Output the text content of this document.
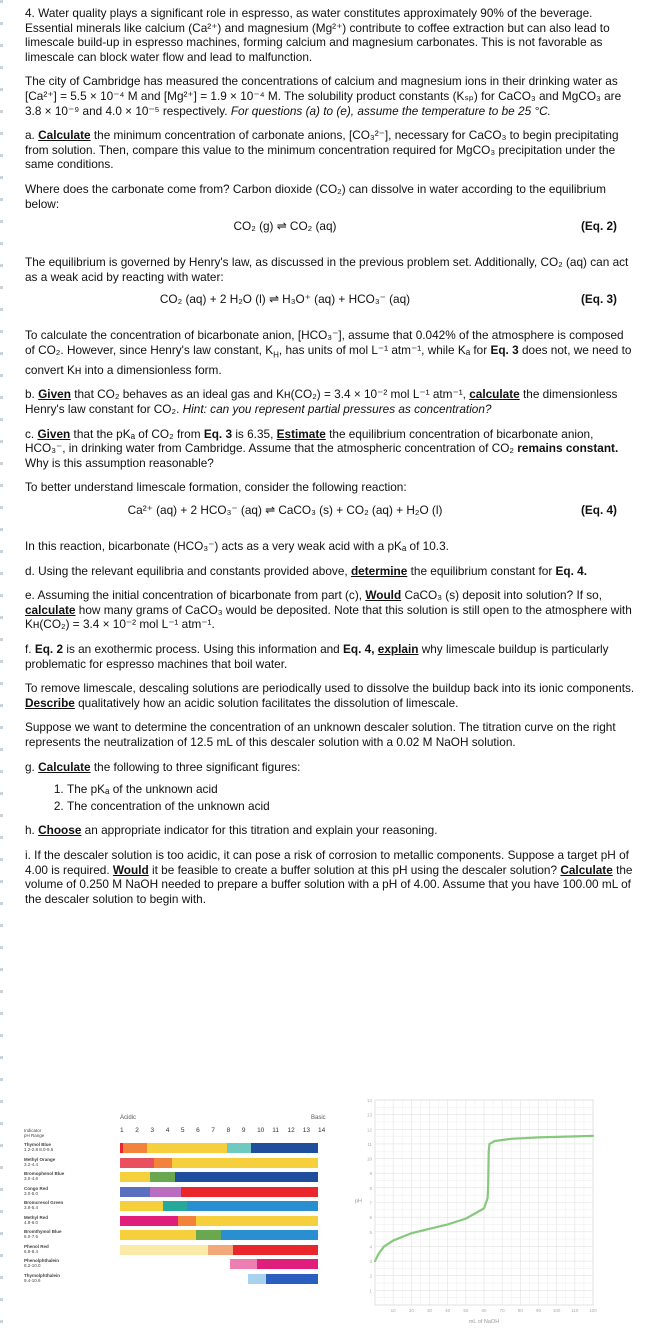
4. Water quality plays a significant role in espresso, as water constitutes approximately 90% of the beverage. Essential minerals like calcium (Ca²⁺) and magnesium (Mg²⁺) contribute to coffee extraction but can also lead to limescale build-up in espresso machines, forming calcium and magnesium carbonates. This is not favorable as limescale can block water flow and lead to malfunction.

The city of Cambridge has measured the concentrations of calcium and magnesium ions in their drinking water as [Ca²⁺] = 5.5 × 10⁻⁴ M and [Mg²⁺] = 1.9 × 10⁻⁴ M. The solubility product constants (Kₛₚ) for CaCO₃ and MgCO₃ are 3.8 × 10⁻⁹ and 4.0 × 10⁻⁵ respectively. For questions (a) to (e), assume the temperature to be 25 °C.

a. Calculate the minimum concentration of carbonate anions, [CO₃²⁻], necessary for CaCO₃ to begin precipitating from solution. Then, compare this value to the minimum concentration required for MgCO₃ precipitation under the same conditions.

Where does the carbonate come from? Carbon dioxide (CO₂) can dissolve in water according to the equilibrium below:

CO₂ (g) ⇌ CO₂ (aq)	(Eq. 2)

The equilibrium is governed by Henry's law, as discussed in the previous problem set. Additionally, CO₂ (aq) can act as a weak acid by reacting with water:

CO₂ (aq) + 2 H₂O (l) ⇌ H₃O⁺ (aq) + HCO₃⁻ (aq)	(Eq. 3)

To calculate the concentration of bicarbonate anion, [HCO₃⁻], assume that 0.042% of the atmosphere is composed of CO₂. However, since Henry's law constant, $K_H$, has units of mol L⁻¹ atm⁻¹, while Kₐ for Eq. 3 does not, we need to convert Kʜ into a dimensionless form.

b. Given that CO₂ behaves as an ideal gas and Kʜ(CO₂) = 3.4 × 10⁻² mol L⁻¹ atm⁻¹, calculate the dimensionless Henry's law constant for CO₂. Hint: can you represent partial pressures as concentration?

c. Given that the pKₐ of CO₂ from Eq. 3 is 6.35, Estimate the equilibrium concentration of bicarbonate anion, HCO₃⁻, in drinking water from Cambridge. Assume that the atmospheric concentration of CO₂ remains constant. Why is this assumption reasonable?

To better understand limescale formation, consider the following reaction:

Ca²⁺ (aq) + 2 HCO₃⁻ (aq) ⇌ CaCO₃ (s) + CO₂ (aq) + H₂O (l)	(Eq. 4)

In this reaction, bicarbonate (HCO₃⁻) acts as a very weak acid with a pKₐ of 10.3.

d. Using the relevant equilibria and constants provided above, determine the equilibrium constant for Eq. 4.

e. Assuming the initial concentration of bicarbonate from part (c), Would CaCO₃ (s) deposit into solution? If so, calculate how many grams of CaCO₃ would be deposited. Note that this solution is still open to the atmosphere with Kʜ(CO₂) = 3.4 × 10⁻² mol L⁻¹ atm⁻¹.

f. Eq. 2 is an exothermic process. Using this information and Eq. 4, explain why limescale buildup is particularly problematic for espresso machines that boil water.

To remove limescale, descaling solutions are periodically used to dissolve the buildup back into its ionic components. Describe qualitatively how an acidic solution facilitates the dissolution of limescale.

Suppose we want to determine the concentration of an unknown descaler solution. The titration curve on the right represents the neutralization of 12.5 mL of this descaler solution with a 0.02 M NaOH solution.

g. Calculate the following to three significant figures:

1. The pKₐ of the unknown acid
2. The concentration of the unknown acid

h. Choose an appropriate indicator for this titration and explain your reasoning.

i. If the descaler solution is too acidic, it can pose a risk of corrosion to metallic components. Suppose a target pH of 4.00 is required. Would it be feasible to create a buffer solution at this pH using the descaler solution? Calculate the volume of 0.250 M NaOH needed to prepare a buffer solution with a pH of 4.00. Assume that you have 100.00 mL of the descaler solution to begin with.

Acidic	Basic
Indicator
pH Range
1 2 3 4 5 6 7 8 9 10 11 12 13 14
Thymol Blue
1.2-2.8 8.0-9.6
Methyl Orange
3.2-4.4
Bromophenol Blue
3.0-4.6
Congo Red
3.0-5.0
Bromcresol Green
3.8-5.4
Methyl Red
4.8-6.0
Bromthymol Blue
6.0-7.6
Phenol Red
6.8-8.4
Phenolphthalein
8.2-10.0
Thymolphthalein
9.4-10.6
1
2
3
4
5
6
7
8
9
10
11
12
13
14
10	20	30	40	50	60	70	80	90	100 110 120
pH
mL of NaOH
